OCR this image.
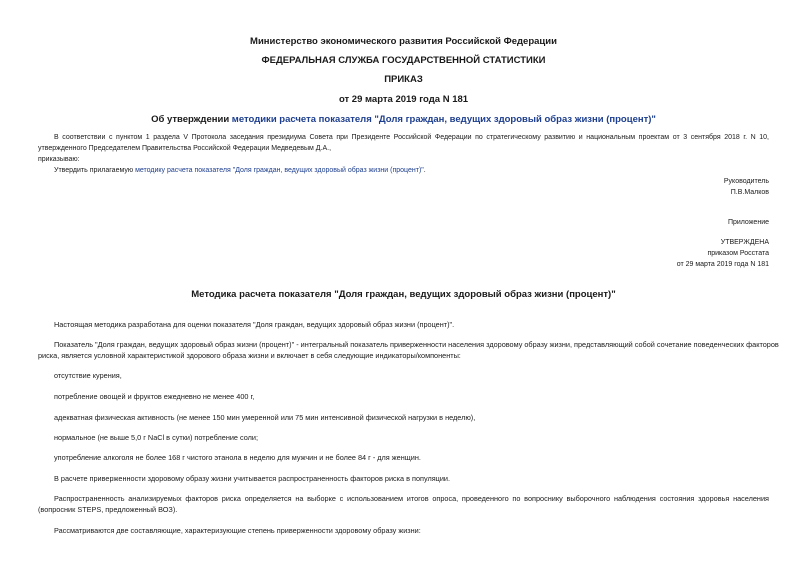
Министерство экономического развития Российской Федерации
ФЕДЕРАЛЬНАЯ СЛУЖБА ГОСУДАРСТВЕННОЙ СТАТИСТИКИ
ПРИКАЗ
от 29 марта 2019 года N 181
Об утверждении методики расчета показателя "Доля граждан, ведущих здоровый образ жизни (процент)"
В соответствии с пунктом 1 раздела V Протокола заседания президиума Совета при Президенте Российской Федерации по стратегическому развитию и национальным проектам от 3 сентября 2018 г. N 10,
утвержденного Председателем Правительства Российской Федерации Медведевым Д.А.,
приказываю:
Утвердить прилагаемую методику расчета показателя "Доля граждан, ведущих здоровый образ жизни (процент)".
Руководитель
П.В.Малков
Приложение
УТВЕРЖДЕНА
приказом Росстата
от 29 марта 2019 года N 181
Методика расчета показателя "Доля граждан, ведущих здоровый образ жизни (процент)"
Настоящая методика разработана для оценки показателя "Доля граждан, ведущих здоровый образ жизни (процент)".
Показатель "Доля граждан, ведущих здоровый образ жизни (процент)" - интегральный показатель приверженности населения здоровому образу жизни, представляющий собой сочетание поведенческих факторов
риска, является условной характеристикой здорового образа жизни и включает в себя следующие индикаторы/компоненты:
отсутствие курения,
потребление овощей и фруктов ежедневно не менее 400 г,
адекватная физическая активность (не менее 150 мин умеренной или 75 мин интенсивной физической нагрузки в неделю),
нормальное (не выше 5,0 г NaCl в сутки) потребление соли;
употребление алкоголя не более 168 г чистого этанола в неделю для мужчин и не более 84 г - для женщин.
В расчете приверженности здоровому образу жизни учитывается распространенность факторов риска в популяции.
Распространенность анализируемых факторов риска определяется на выборке с использованием итогов опроса, проведенного по вопроснику выборочного наблюдения состояния здоровья населения
(вопросник STEPS, предложенный ВОЗ).
Рассматриваются две составляющие, характеризующие степень приверженности здоровому образу жизни:
